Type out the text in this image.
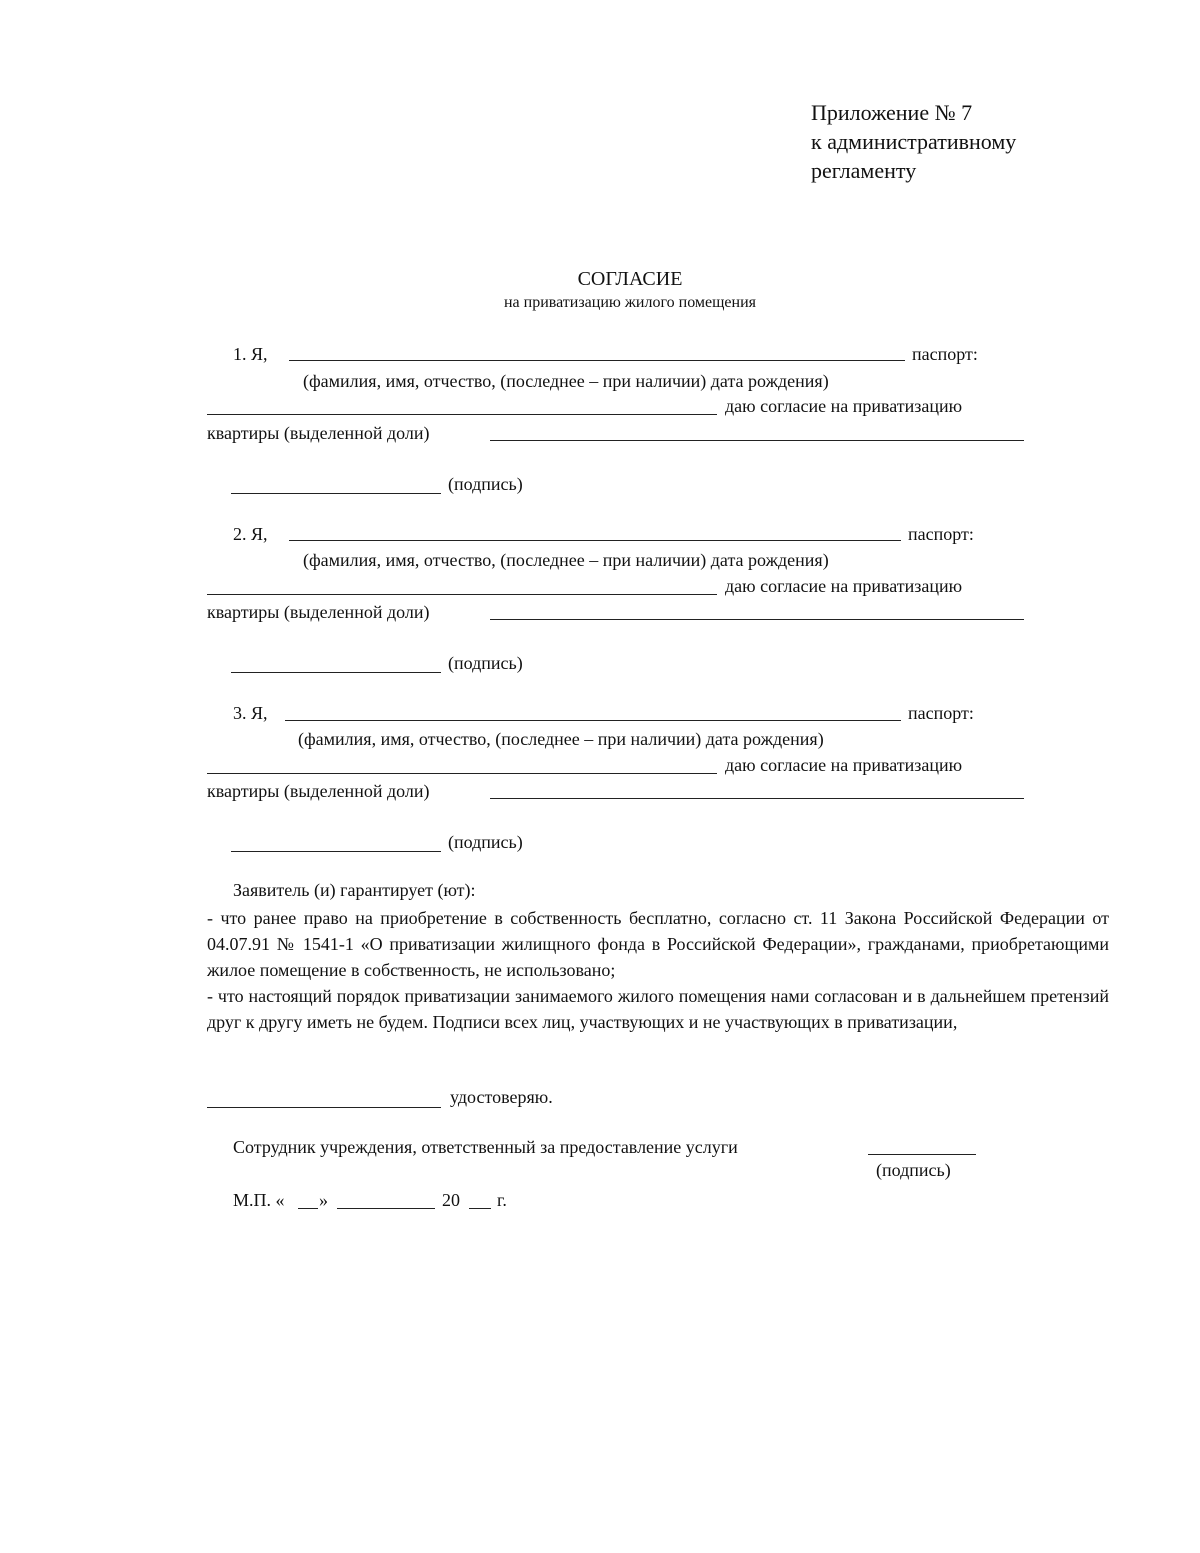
Приложение № 7
к административному
регламенту
СОГЛАСИЕ
на приватизацию жилого помещения
1. Я,	паспорт:
(фамилия, имя, отчество, (последнее – при наличии) дата рождения)
даю согласие на приватизацию
квартиры (выделенной доли)
(подпись)
2. Я,	паспорт:
(фамилия, имя, отчество, (последнее – при наличии) дата рождения)
даю согласие на приватизацию
квартиры (выделенной доли)
(подпись)
3. Я,	паспорт:
(фамилия, имя, отчество, (последнее – при наличии) дата рождения)
даю согласие на приватизацию
квартиры (выделенной доли)
(подпись)
Заявитель (и) гарантирует (ют):

- что ранее право на приобретение в собственность бесплатно, согласно ст. 11 Закона Российской Федерации от 04.07.91 № 1541-1 «О приватизации жилищного фонда в Российской Федерации», гражданами, приобретающими жилое помещение в собственность, не использовано;

- что настоящий порядок приватизации занимаемого жилого помещения нами согласован и в дальнейшем претензий друг к другу иметь не будем. Подписи всех лиц, участвующих и не участвующих в приватизации,

удостоверяю.
Сотрудник учреждения, ответственный за предоставление услуги
(подпись)
М.П. « »	20 г.
